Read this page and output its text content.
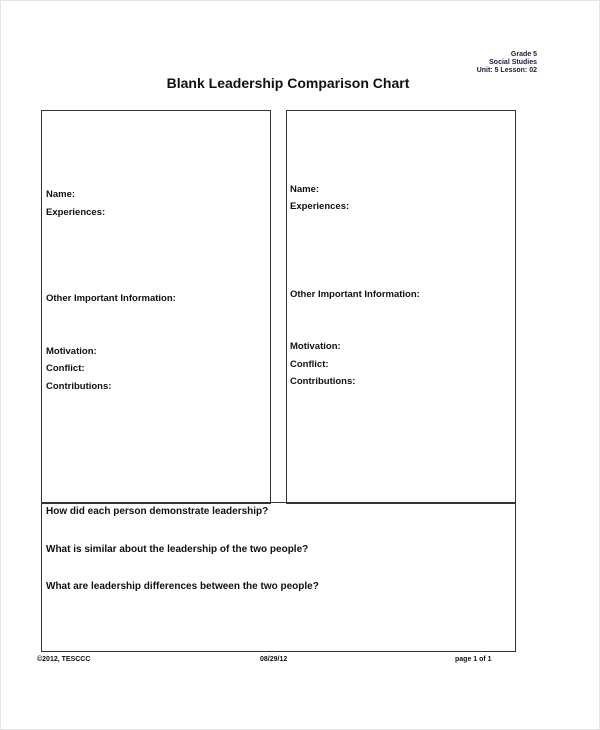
Grade 5
Social Studies
Unit: 5 Lesson: 02
Blank Leadership Comparison Chart
Name:
Experiences:
Other Important Information:
Motivation:
Conflict:
Contributions:
Name:
Experiences:
Other Important Information:
Motivation:
Conflict:
Contributions:
How did each person demonstrate leadership?
What is similar about the leadership of the two people?
What are leadership differences between the two people?
©2012, TESCCC	08/29/12	page 1 of 1
